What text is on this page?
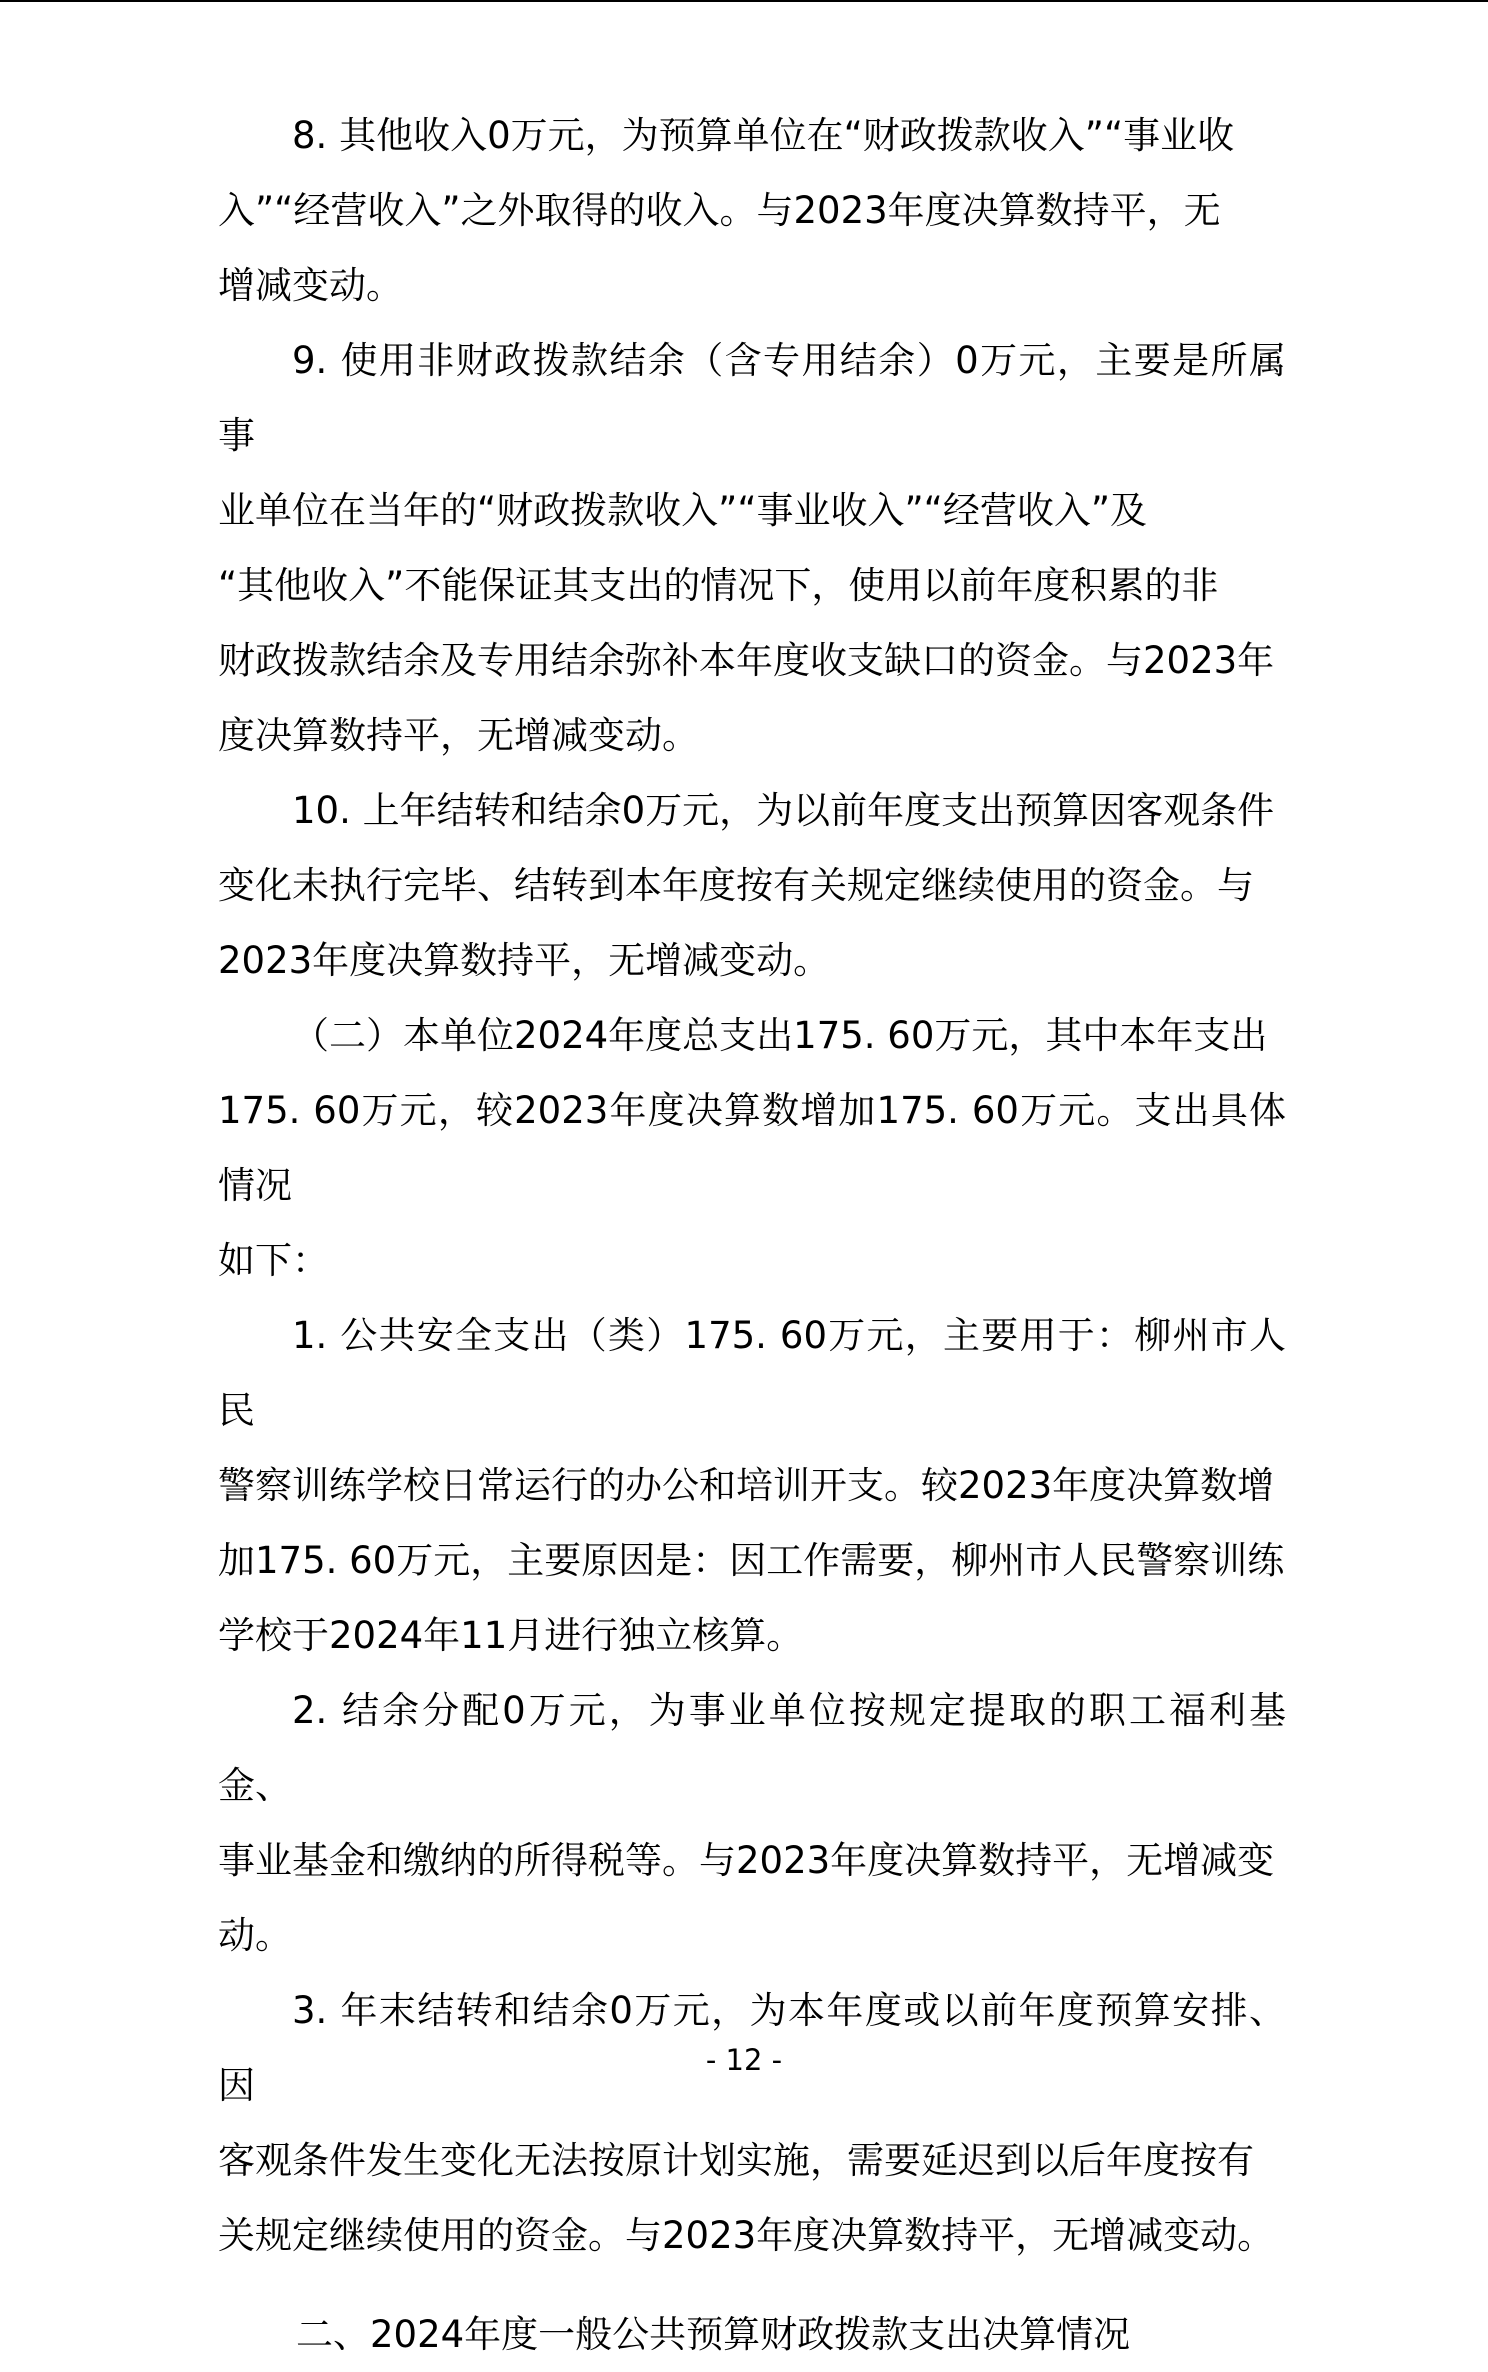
8. 其他收入0万元，为预算单位在“财政拨款收入”“事业收
入”“经营收入”之外取得的收入。与2023年度决算数持平，无
增减变动。

9. 使用非财政拨款结余（含专用结余）0万元，主要是所属事
业单位在当年的“财政拨款收入”“事业收入”“经营收入”及
“其他收入”不能保证其支出的情况下，使用以前年度积累的非
财政拨款结余及专用结余弥补本年度收支缺口的资金。与2023年
度决算数持平，无增减变动。

10. 上年结转和结余0万元，为以前年度支出预算因客观条件
变化未执行完毕、结转到本年度按有关规定继续使用的资金。与
2023年度决算数持平，无增减变动。

（二）本单位2024年度总支出175. 60万元，其中本年支出
175. 60万元，较2023年度决算数增加175. 60万元。支出具体情况
如下：

1. 公共安全支出（类）175. 60万元，主要用于：柳州市人民
警察训练学校日常运行的办公和培训开支。较2023年度决算数增
加175. 60万元，主要原因是：因工作需要，柳州市人民警察训练
学校于2024年11月进行独立核算。

2. 结余分配0万元，为事业单位按规定提取的职工福利基金、
事业基金和缴纳的所得税等。与2023年度决算数持平，无增减变
动。

3. 年末结转和结余0万元，为本年度或以前年度预算安排、因
客观条件发生变化无法按原计划实施，需要延迟到以后年度按有
关规定继续使用的资金。与2023年度决算数持平，无增减变动。

二、2024年度一般公共预算财政拨款支出决算情况

- 12 -
